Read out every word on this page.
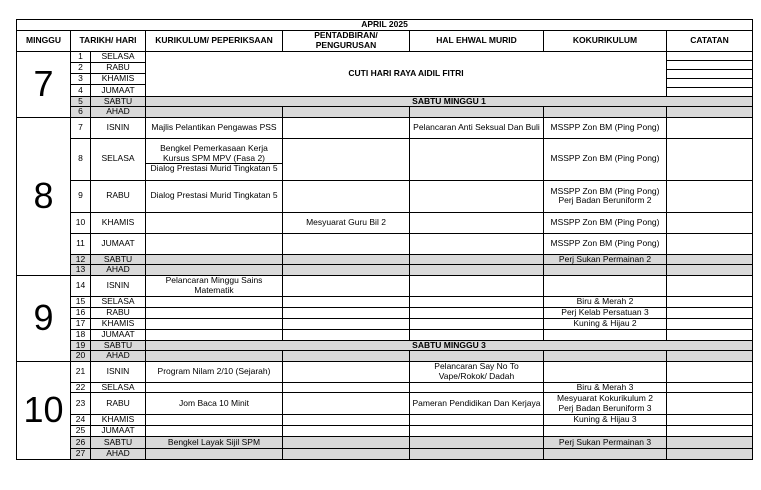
APRIL 2025							
MINGGU	TARIKH/ HARI		KURIKULUM/ PEPERIKSAAN	PENTADBIRAN/ PENGURUSAN	HAL EHWAL MURID	KOKURIKULUM	CATATAN
7	1	SELASA	CUTI HARI RAYA AIDIL FITRI				

	2	RABU					
	3	KHAMIS					
	4	JUMAAT					
	5	SABTU	SABTU MINGGU 1				
	6	AHAD					
8	7	ISNIN	Majlis Pelantikan Pengawas PSS		Pelancaran Anti Seksual Dan Buli	MSSPP Zon BM (Ping Pong)	
	8	SELASA	Bengkel Pemerkasaan Kerja Kursus SPM MPV (Fasa 2)
Dialog Prestasi Murid Tingkatan 5			MSSPP Zon BM (Ping Pong)	
	9	RABU	Dialog Prestasi Murid Tingkatan 5			MSSPP Zon BM (Ping Pong)
Perj Badan Beruniform 2	

	10	KHAMIS		Mesyuarat Guru Bil 2		MSSPP Zon BM (Ping Pong)	
	11	JUMAAT				MSSPP Zon BM (Ping Pong)	
	12	SABTU				Perj Sukan Permainan 2	
	13	AHAD					
9	14	ISNIN	Pelancaran Minggu Sains Matematik				
	15	SELASA				Biru & Merah 2	
	16	RABU				Perj Kelab Persatuan 3	
	17	KHAMIS				Kuning & Hijau 2	
	18	JUMAAT					
	19	SABTU	SABTU MINGGU 3				
	20	AHAD					
10	21	ISNIN	Program Nilam 2/10 (Sejarah)		Pelancaran Say No To Vape/Rokok/ Dadah		
	22	SELASA				Biru & Merah 3	
	23	RABU	Jom Baca 10 Minit		Pameran Pendidikan Dan Kerjaya	Mesyuarat Kokurikulum 2
Perj Badan Beruniform 3	

	24	KHAMIS				Kuning & Hijau 3	
	25	JUMAAT					
	26	SABTU	Bengkel Layak Sijil SPM			Perj Sukan Permainan 3	
	27	AHAD					
